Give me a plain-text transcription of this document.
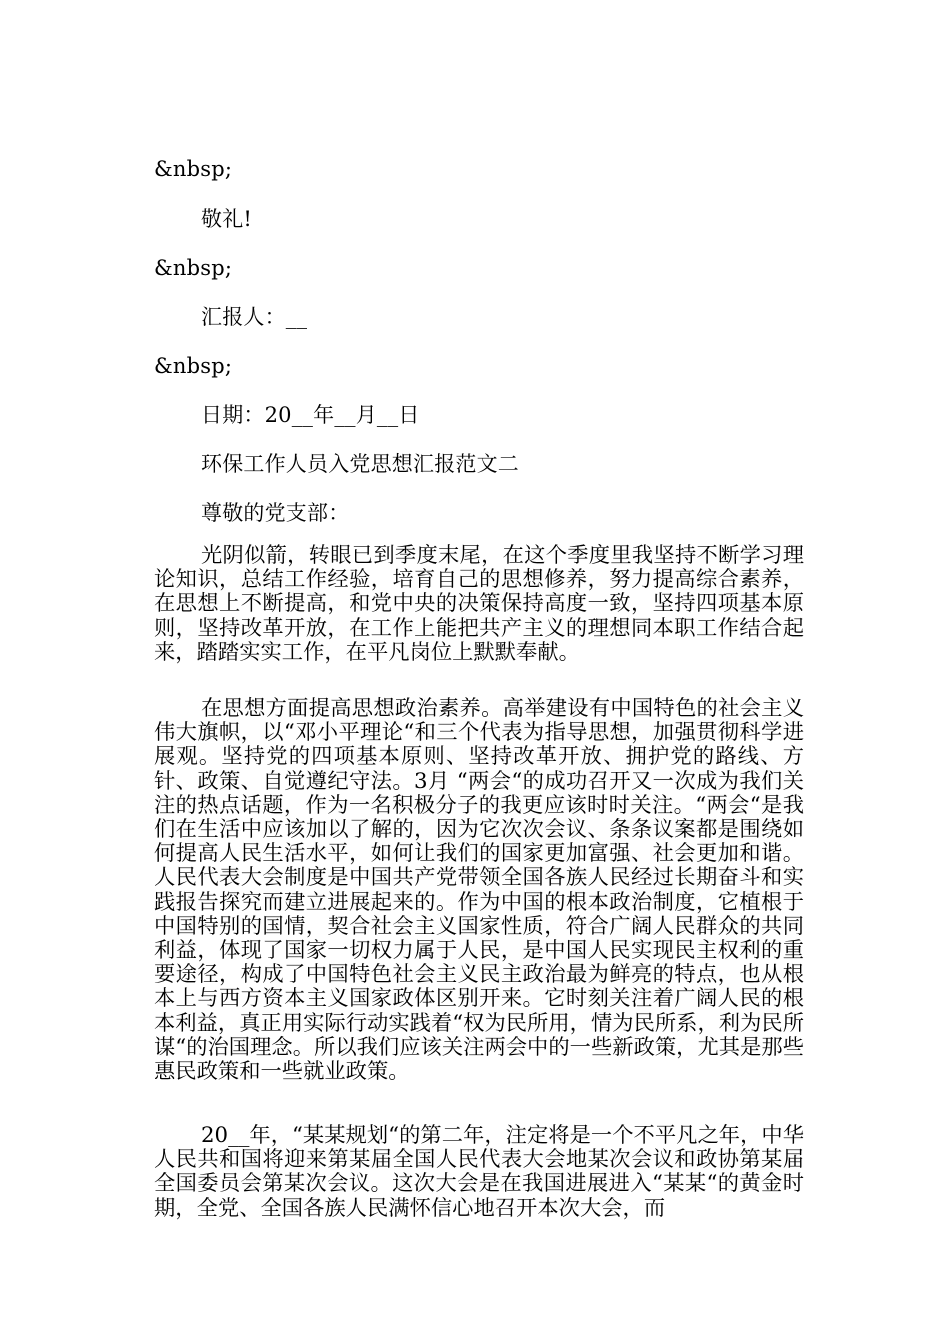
&nbsp;
敬礼!
&nbsp;
汇报人：__
&nbsp;
日期：20__年__月__日
环保工作人员入党思想汇报范文二
尊敬的党支部：
光阴似箭，转眼已到季度末尾，在这个季度里我坚持不断学习理论知识，总结工作经验，培育自己的思想修养，努力提高综合素养，在思想上不断提高，和党中央的决策保持高度一致，坚持四项基本原则，坚持改革开放，在工作上能把共产主义的理想同本职工作结合起来，踏踏实实工作，在平凡岗位上默默奉献。
在思想方面提高思想政治素养。高举建设有中国特色的社会主义伟大旗帜，以“邓小平理论“和三个代表为指导思想，加强贯彻科学进展观。坚持党的四项基本原则、坚持改革开放、拥护党的路线、方针、政策、自觉遵纪守法。3月 “两会“的成功召开又一次成为我们关注的热点话题，作为一名积极分子的我更应该时时关注。“两会“是我们在生活中应该加以了解的，因为它次次会议、条条议案都是围绕如何提高人民生活水平，如何让我们的国家更加富强、社会更加和谐。人民代表大会制度是中国共产党带领全国各族人民经过长期奋斗和实践报告探究而建立进展起来的。作为中国的根本政治制度，它植根于中国特别的国情，契合社会主义国家性质，符合广阔人民群众的共同利益，体现了国家一切权力属于人民，是中国人民实现民主权利的重要途径，构成了中国特色社会主义民主政治最为鲜亮的特点，也从根本上与西方资本主义国家政体区别开来。它时刻关注着广阔人民的根本利益，真正用实际行动实践着“权为民所用，情为民所系，利为民所谋“的治国理念。所以我们应该关注两会中的一些新政策，尤其是那些惠民政策和一些就业政策。
20__年，“某某规划“的第二年，注定将是一个不平凡之年，中华人民共和国将迎来第某届全国人民代表大会地某次会议和政协第某届全国委员会第某次会议。这次大会是在我国进展进入“某某“的黄金时期，全党、全国各族人民满怀信心地召开本次大会，而
